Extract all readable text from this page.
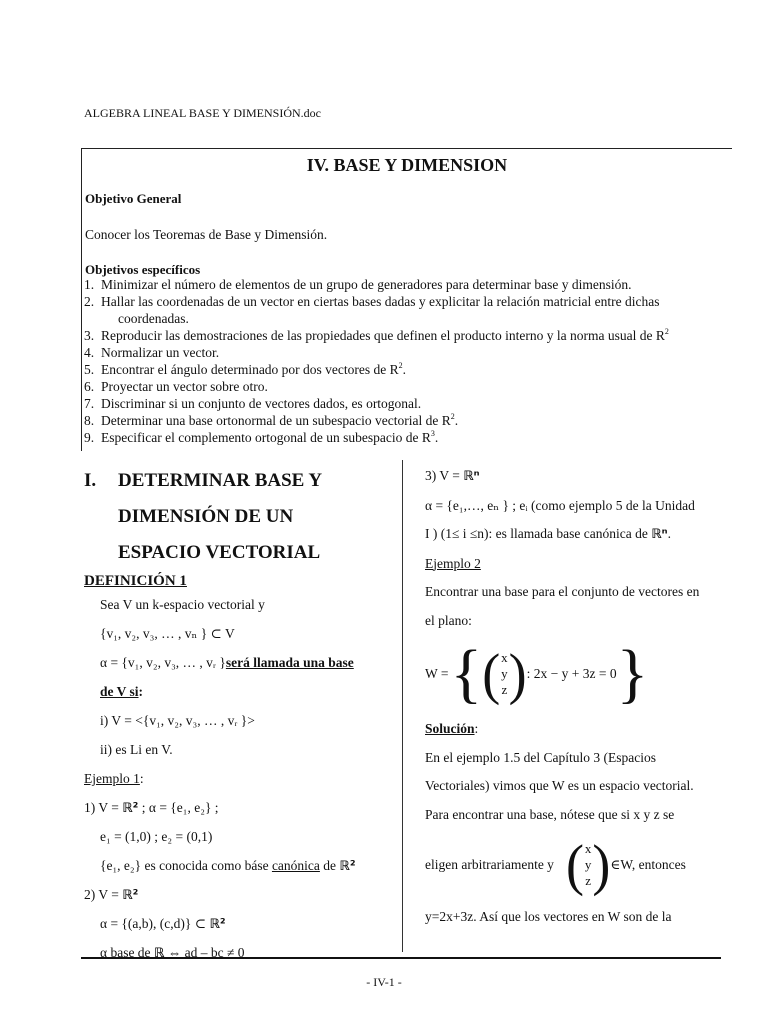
ALGEBRA LINEAL BASE Y DIMENSIÓN.doc
IV. BASE Y DIMENSION
Objetivo General
Conocer los Teoremas de Base y Dimensión.
Objetivos específicos
1. Minimizar el número de elementos de un grupo de generadores para determinar base y dimensión.
2. Hallar las coordenadas de un vector en ciertas bases dadas y explicitar la relación matricial entre dichas
coordenadas.
3. Reproducir las demostraciones de las propiedades que definen el producto interno y la norma usual de $R^2$
4. Normalizar un vector.
5. Encontrar el ángulo determinado por dos vectores de $R^2$.
6. Proyectar un vector sobre otro.
7. Discriminar si un conjunto de vectores dados, es ortogonal.
8. Determinar una base ortonormal de un subespacio vectorial de $R^2$.
9. Especificar el complemento ortogonal de un subespacio de $R^3$.
I. DETERMINAR BASE Y
DIMENSIÓN DE UN
ESPACIO VECTORIAL
DEFINICIÓN 1
Sea V un k-espacio vectorial y
{v₁, v₂, v₃, … , vₙ } ⊂ V
α = {v₁, v₂, v₃, … , vᵣ }será llamada una base
de V si:
i) V = <{v₁, v₂, v₃, … , vᵣ }>
ii) es Li en V.
Ejemplo 1:
1) V = ℝ² ; α = {e₁, e₂} ;
e₁ = (1,0) ; e₂ = (0,1)
{e₁, e₂} es conocida como báse canónica de ℝ²
2) V = ℝ²
α = {(a,b), (c,d)} ⊂ ℝ²
α base de ℝ ⇔ ad – bc ≠ 0
3) V = ℝⁿ
α = {e₁,…, eₙ } ; eᵢ (como ejemplo 5 de la Unidad
I ) (1≤ i ≤n): es llamada base canónica de ℝⁿ.
Ejemplo 2
Encontrar una base para el conjunto de vectores en
el plano:
W = { ( x
y
z ) : 2x − y + 3z = 0 }
Solución:
En el ejemplo 1.5 del Capítulo 3 (Espacios
Vectoriales) vimos que W es un espacio vectorial.
Para encontrar una base, nótese que si x y z se
eligen arbitrariamente y ( x
y
z ) ∈W, entonces
y=2x+3z. Así que los vectores en W son de la
- IV-1 -
